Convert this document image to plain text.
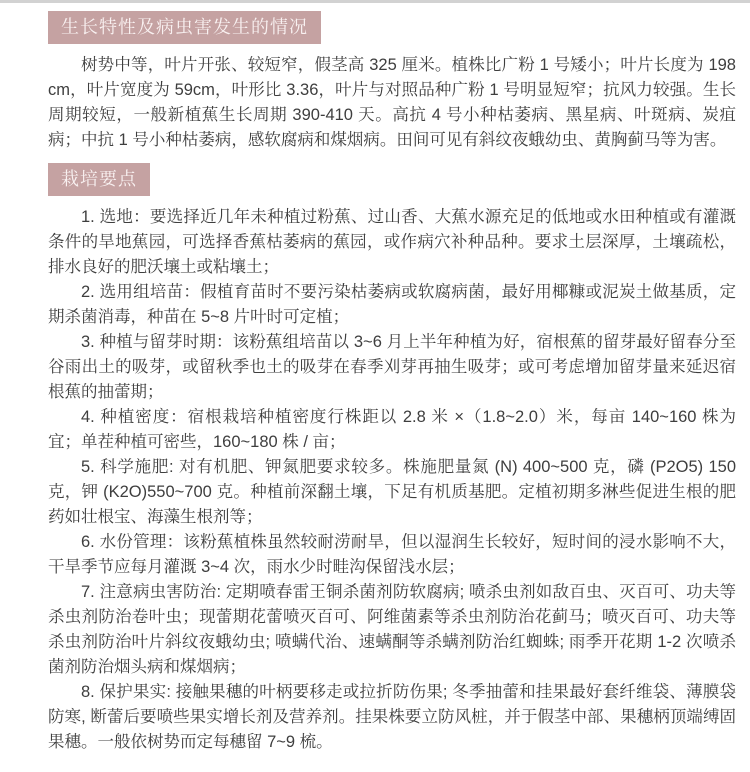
生长特性及病虫害发生的情况

树势中等，叶片开张、较短窄，假茎高 325 厘米。植株比广粉 1 号矮小；叶片长度为 198cm，叶片宽度为 59cm，叶形比 3.36，叶片与对照品种广粉 1 号明显短窄；抗风力较强。生长周期较短，一般新植蕉生长周期 390-410 天。高抗 4 号小种枯萎病、黑星病、叶斑病、炭疽病；中抗 1 号小种枯萎病，感软腐病和煤烟病。田间可见有斜纹夜蛾幼虫、黄胸蓟马等为害。

栽培要点

1. 选地：要选择近几年未种植过粉蕉、过山香、大蕉水源充足的低地或水田种植或有灌溉条件的旱地蕉园，可选择香蕉枯萎病的蕉园，或作病穴补种品种。要求土层深厚，土壤疏松，排水良好的肥沃壤土或粘壤土；

2. 选用组培苗：假植育苗时不要污染枯萎病或软腐病菌，最好用椰糠或泥炭土做基质，定期杀菌消毒，种苗在 5~8 片叶时可定植；

3. 种植与留芽时期：该粉蕉组培苗以 3~6 月上半年种植为好，宿根蕉的留芽最好留春分至谷雨出土的吸芽，或留秋季也土的吸芽在春季刈芽再抽生吸芽；或可考虑增加留芽量来延迟宿根蕉的抽蕾期；

4. 种植密度：宿根栽培种植密度行株距以 2.8 米 ×（1.8~2.0）米，每亩 140~160 株为宜；单茬种植可密些，160~180 株 / 亩；

5. 科学施肥: 对有机肥、钾氮肥要求较多。株施肥量氮 (N) 400~500 克，磷 (P2O5) 150 克，钾 (K2O)550~700 克。种植前深翻土壤，下足有机质基肥。定植初期多淋些促进生根的肥药如壮根宝、海藻生根剂等；

6. 水份管理：该粉蕉植株虽然较耐涝耐旱，但以湿润生长较好，短时间的浸水影响不大，干旱季节应每月灌溉 3~4 次，雨水少时畦沟保留浅水层；

7. 注意病虫害防治: 定期喷春雷王铜杀菌剂防软腐病; 喷杀虫剂如敌百虫、灭百可、功夫等杀虫剂防治卷叶虫；现蕾期花蕾喷灭百可、阿维菌素等杀虫剂防治花蓟马；喷灭百可、功夫等杀虫剂防治叶片斜纹夜蛾幼虫; 喷螨代治、速螨酮等杀螨剂防治红蜘蛛; 雨季开花期 1-2 次喷杀菌剂防治烟头病和煤烟病；

8. 保护果实: 接触果穗的叶柄要移走或拉折防伤果; 冬季抽蕾和挂果最好套纤维袋、薄膜袋防寒, 断蕾后要喷些果实增长剂及营养剂。挂果株要立防风桩，并于假茎中部、果穗柄顶端缚固果穗。一般依树势而定每穗留 7~9 梳。
